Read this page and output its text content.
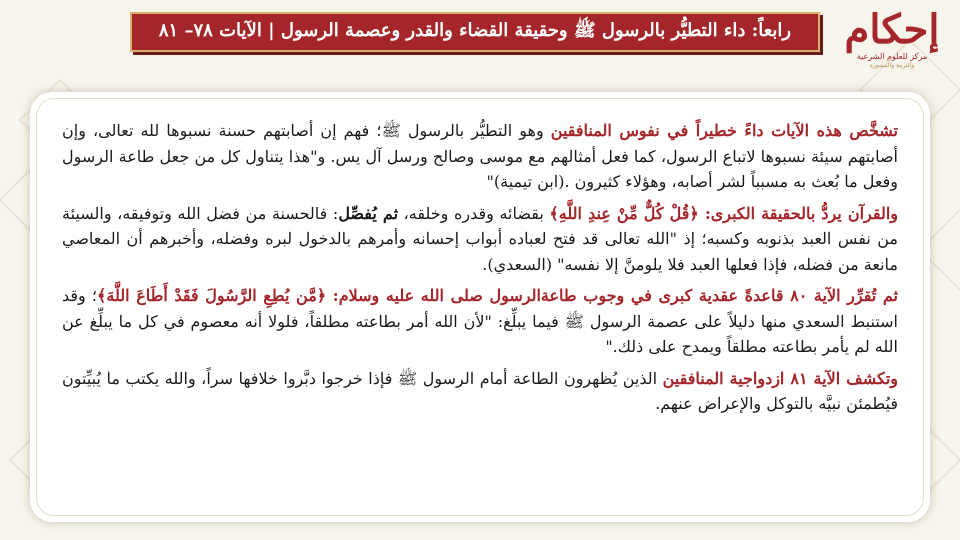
رابعاً: داء التطيُّر بالرسول ﷺ وحقيقة القضاء والقدر وعصمة الرسول | الآيات ٧٨– ٨١ إحكام
مركز للعلوم الشرعية
والتربية والمشورة

تشخَّص هذه الآيات داءً خطيراً في نفوس المنافقين وهو التطيُّر بالرسول ﷺ؛ فهم إن أصابتهم حسنة نسبوها لله تعالى، وإن أصابتهم سيئة نسبوها لاتباع الرسول، كما فعل أمثالهم مع موسى وصالح ورسل آل يس. و"هذا يتناول كل من جعل طاعة الرسول وفعل ما بُعث به مسبباً لشر أصابه، وهؤلاء كثيرون .(ابن تيمية)"

والقرآن يردُّ بالحقيقة الكبرى: ﴿قُلْ كُلٌّ مِّنْ عِندِ اللَّهِ﴾ بقضائه وقدره وخلقه، ثم يُفصِّل: فالحسنة من فضل الله وتوفيقه، والسيئة من نفس العبد بذنوبه وكسبه؛ إذ "الله تعالى قد فتح لعباده أبواب إحسانه وأمرهم بالدخول لبره وفضله، وأخبرهم أن المعاصي مانعة من فضله، فإذا فعلها العبد فلا يلومنَّ إلا نفسه" (السعدي).

ثم تُقرِّر الآية ٨٠ قاعدةً عقدية كبرى في وجوب طاعةالرسول صلى الله عليه وسلام: ﴿مَّن يُطِعِ الرَّسُولَ فَقَدْ أَطَاعَ اللَّهَ﴾؛ وقد استنبط السعدي منها دليلاً على عصمة الرسول ﷺ فيما يبلِّغ: "لأن الله أمر بطاعته مطلقاً، فلولا أنه معصوم في كل ما يبلِّغ عن الله لم يأمر بطاعته مطلقاً ويمدح على ذلك."

وتكشف الآية ٨١ ازدواجية المنافقين الذين يُظهرون الطاعة أمام الرسول ﷺ فإذا خرجوا دبَّروا خلافها سراً، والله يكتب ما يُبيِّتون فيُطمئن نبيَّه بالتوكل والإعراض عنهم.
